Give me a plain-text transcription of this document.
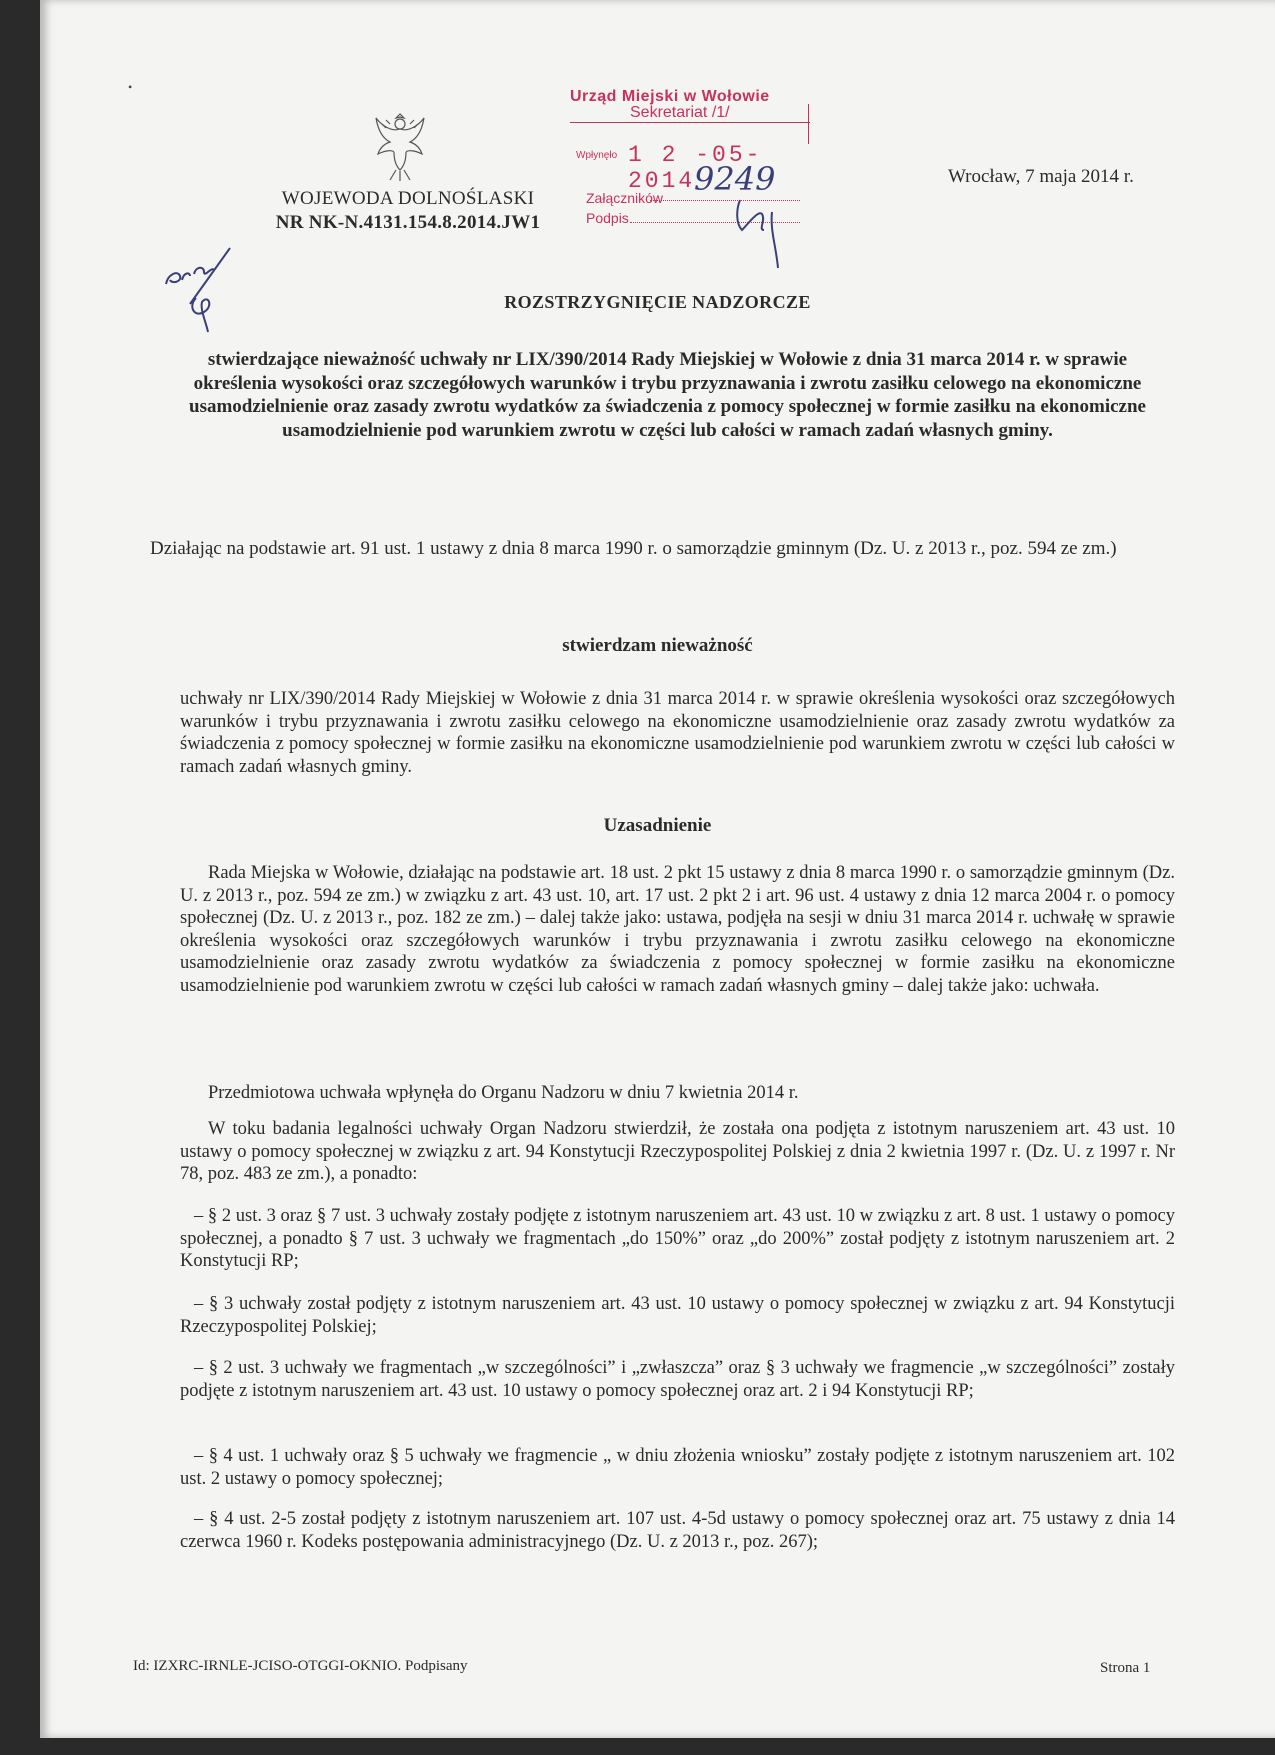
•
WOJEWODA DOLNOŚLASKI
NR NK-N.4131.154.8.2014.JW1
Wrocław, 7 maja 2014 r.
Urząd Miejski w Wołowie
Sekretariat /1/
Wpłynęło 1 2 -05- 2014
Załączników
Podpis
9249
ROZSTRZYGNIĘCIE NADZORCZE
stwierdzające nieważność uchwały nr LIX/390/2014 Rady Miejskiej w Wołowie z dnia 31 marca 2014 r. w sprawie określenia wysokości oraz szczegółowych warunków i trybu przyznawania i zwrotu zasiłku celowego na ekonomiczne usamodzielnienie oraz zasady zwrotu wydatków za świadczenia z pomocy społecznej w formie zasiłku na ekonomiczne usamodzielnienie pod warunkiem zwrotu w części lub całości w ramach zadań własnych gminy.
Działając na podstawie art. 91 ust. 1 ustawy z dnia 8 marca 1990 r. o samorządzie gminnym (Dz. U. z 2013 r., poz. 594 ze zm.)
stwierdzam nieważność
uchwały nr LIX/390/2014 Rady Miejskiej w Wołowie z dnia 31 marca 2014 r. w sprawie określenia wysokości oraz szczegółowych warunków i trybu przyznawania i zwrotu zasiłku celowego na ekonomiczne usamodzielnienie oraz zasady zwrotu wydatków za świadczenia z pomocy społecznej w formie zasiłku na ekonomiczne usamodzielnienie pod warunkiem zwrotu w części lub całości w ramach zadań własnych gminy.
Uzasadnienie
Rada Miejska w Wołowie, działając na podstawie art. 18 ust. 2 pkt 15 ustawy z dnia 8 marca 1990 r. o samorządzie gminnym (Dz. U. z 2013 r., poz. 594 ze zm.) w związku z art. 43 ust. 10, art. 17 ust. 2 pkt 2 i art. 96 ust. 4 ustawy z dnia 12 marca 2004 r. o pomocy społecznej (Dz. U. z 2013 r., poz. 182 ze zm.) – dalej także jako: ustawa, podjęła na sesji w dniu 31 marca 2014 r. uchwałę w sprawie określenia wysokości oraz szczegółowych warunków i trybu przyznawania i zwrotu zasiłku celowego na ekonomiczne usamodzielnienie oraz zasady zwrotu wydatków za świadczenia z pomocy społecznej w formie zasiłku na ekonomiczne usamodzielnienie pod warunkiem zwrotu w części lub całości w ramach zadań własnych gminy – dalej także jako: uchwała.
Przedmiotowa uchwała wpłynęła do Organu Nadzoru w dniu 7 kwietnia 2014 r.
W toku badania legalności uchwały Organ Nadzoru stwierdził, że została ona podjęta z istotnym naruszeniem art. 43 ust. 10 ustawy o pomocy społecznej w związku z art. 94 Konstytucji Rzeczypospolitej Polskiej z dnia 2 kwietnia 1997 r. (Dz. U. z 1997 r. Nr 78, poz. 483 ze zm.), a ponadto:
– § 2 ust. 3 oraz § 7 ust. 3 uchwały zostały podjęte z istotnym naruszeniem art. 43 ust. 10 w związku z art. 8 ust. 1 ustawy o pomocy społecznej, a ponadto § 7 ust. 3 uchwały we fragmentach „do 150%” oraz „do 200%” został podjęty z istotnym naruszeniem art. 2 Konstytucji RP;
– § 3 uchwały został podjęty z istotnym naruszeniem art. 43 ust. 10 ustawy o pomocy społecznej w związku z art. 94 Konstytucji Rzeczypospolitej Polskiej;
– § 2 ust. 3 uchwały we fragmentach „w szczególności” i „zwłaszcza” oraz § 3 uchwały we fragmencie „w szczególności” zostały podjęte z istotnym naruszeniem art. 43 ust. 10 ustawy o pomocy społecznej oraz art. 2 i 94 Konstytucji RP;
– § 4 ust. 1 uchwały oraz § 5 uchwały we fragmencie „ w dniu złożenia wniosku” zostały podjęte z istotnym naruszeniem art. 102 ust. 2 ustawy o pomocy społecznej;
– § 4 ust. 2-5 został podjęty z istotnym naruszeniem art. 107 ust. 4-5d ustawy o pomocy społecznej oraz art. 75 ustawy z dnia 14 czerwca 1960 r. Kodeks postępowania administracyjnego (Dz. U. z 2013 r., poz. 267);
Id: IZXRC-IRNLE-JCISO-OTGGI-OKNIO. Podpisany	Strona 1
